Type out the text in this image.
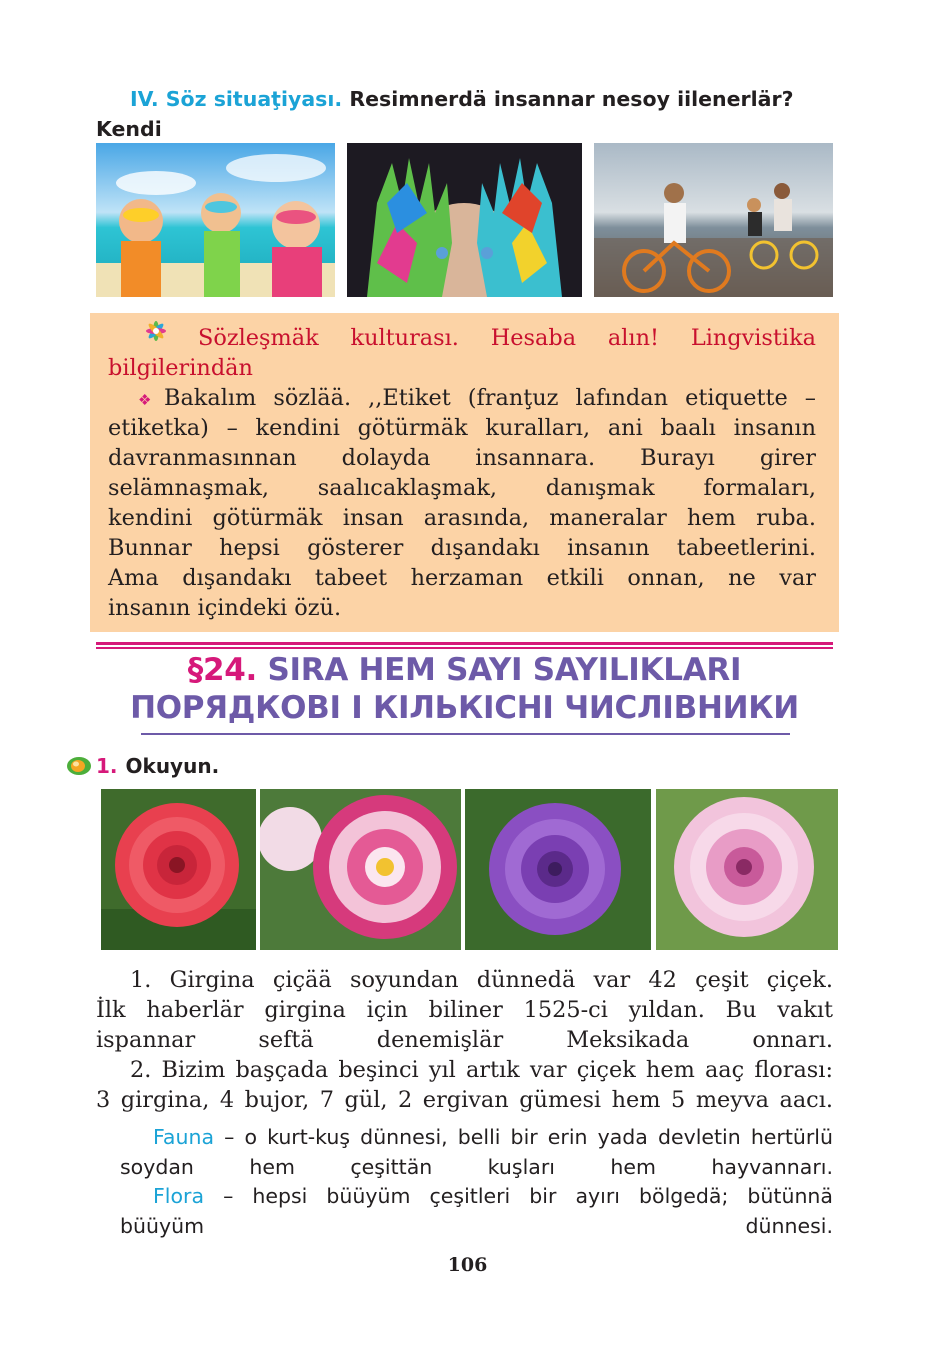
IV. Söz situaţiyası. Resimnerdä insannar nesoy iilenerlär? Kendi

Sözleşmäk kulturası. Hesaba alın! Lingvistika
bilgilerindän
❖ Bakalım sözlää. ,,Etiket (franţuz lafından etiquette –
etiketka) – kendini götürmäk kuralları, ani baalı insanın
davranmasınnan dolayda insannara. Burayı girer
selämnaşmak, saalıcaklaşmak, danışmak formaları,
kendini götürmäk insan arasında, maneralar hem ruba.
Bunnar hepsi gösterer dışandakı insanın tabeetlerini.
Ama dışandakı tabeet herzaman etkili onnan, ne var
insanın içindeki özü.
§24. SIRA HEM SAYI SAYILIKLARI
ПОРЯДКОВІ І КІЛЬКІСНІ ЧИСЛІВНИКИ
1. Okuyun.
1. Girgina çiçää soyundan dünnedä var 42 çeşit çiçek.
İlk haberlär girgina için biliner 1525-ci yıldan. Bu vakıt
ispannar seftä denemişlär Meksikada onnarı.
2. Bizim başçada beşinci yıl artık var çiçek hem aaç florası:
3 girgina, 4 bujor, 7 gül, 2 ergivan gümesi hem 5 meyva aacı.
Fauna – o kurt-kuş dünnesi, belli bir erin yada devletin hertürlü
soydan hem çeşittän kuşları hem hayvannarı.
Flora – hepsi büüyüm çeşitleri bir ayırı bölgedä; bütünnä
büüyüm dünnesi.
106
